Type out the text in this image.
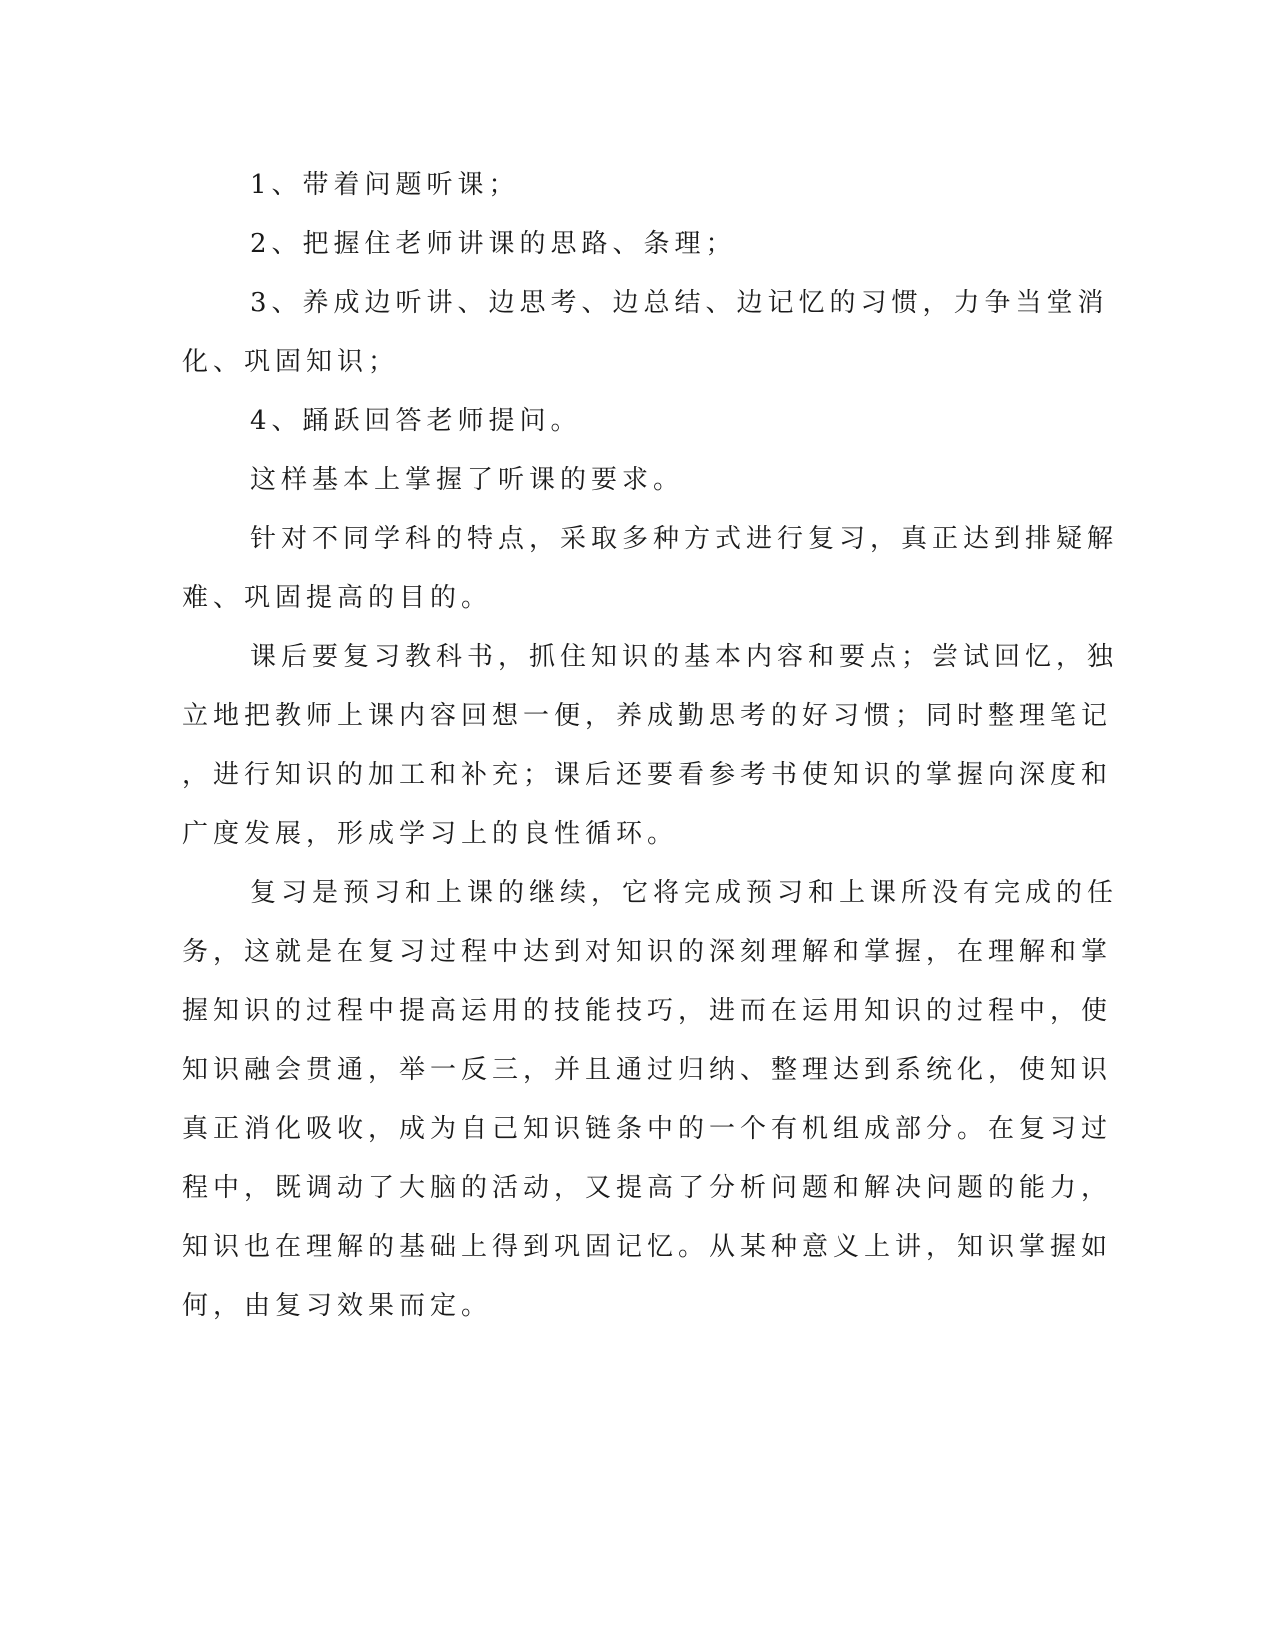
1、带着问题听课；
2、把握住老师讲课的思路、条理；
3、养成边听讲、边思考、边总结、边记忆的习惯，力争当堂消
化、巩固知识；
4、踊跃回答老师提问。
这样基本上掌握了听课的要求。
针对不同学科的特点，采取多种方式进行复习，真正达到排疑解
难、巩固提高的目的。
课后要复习教科书，抓住知识的基本内容和要点；尝试回忆，独
立地把教师上课内容回想一便，养成勤思考的好习惯；同时整理笔记
，进行知识的加工和补充；课后还要看参考书使知识的掌握向深度和
广度发展，形成学习上的良性循环。
复习是预习和上课的继续，它将完成预习和上课所没有完成的任
务，这就是在复习过程中达到对知识的深刻理解和掌握，在理解和掌
握知识的过程中提高运用的技能技巧，进而在运用知识的过程中，使
知识融会贯通，举一反三，并且通过归纳、整理达到系统化，使知识
真正消化吸收，成为自己知识链条中的一个有机组成部分。在复习过
程中，既调动了大脑的活动，又提高了分析问题和解决问题的能力，
知识也在理解的基础上得到巩固记忆。从某种意义上讲，知识掌握如
何，由复习效果而定。
